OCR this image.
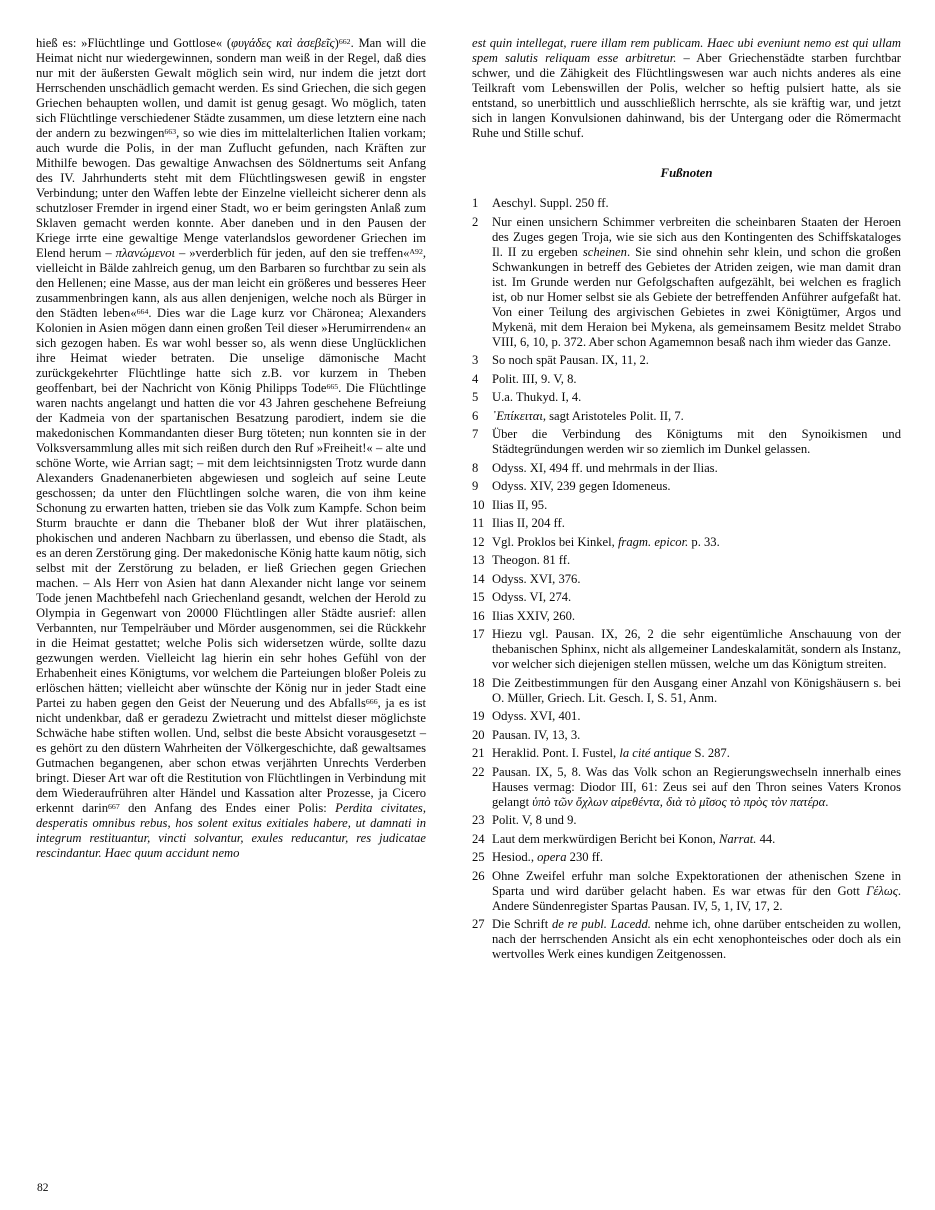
hieß es: »Flüchtlinge und Gottlose« (φυγάδες καὶ ἀσεβεῖς)$^{662}$. Man will die Heimat nicht nur wiedergewinnen, sondern man weiß in der Regel, daß dies nur mit der äußersten Gewalt möglich sein wird, nur indem die jetzt dort Herrschenden unschädlich gemacht werden. Es sind Griechen, die sich gegen Griechen behaupten wollen, und damit ist genug gesagt. Wo möglich, taten sich Flüchtlinge verschiedener Städte zusammen, um diese letztern eine nach der andern zu bezwingen$^{663}$, so wie dies im mittelalterlichen Italien vorkam; auch wurde die Polis, in der man Zuflucht gefunden, nach Kräften zur Mithilfe bewogen. Das gewaltige Anwachsen des Söldnertums seit Anfang des IV. Jahrhunderts steht mit dem Flüchtlingswesen gewiß in engster Verbindung; unter den Waffen lebte der Einzelne vielleicht sicherer denn als schutzloser Fremder in irgend einer Stadt, wo er beim geringsten Anlaß zum Sklaven gemacht werden konnte. Aber daneben und in den Pausen der Kriege irrte eine gewaltige Menge vaterlandslos gewordener Griechen im Elend herum – πλανώμενοι – »verderblich für jeden, auf den sie treffen«$^{A92}$, vielleicht in Bälde zahlreich genug, um den Barbaren so furchtbar zu sein als den Hellenen; eine Masse, aus der man leicht ein größeres und besseres Heer zusammenbringen kann, als aus allen denjenigen, welche noch als Bürger in den Städten leben«$^{664}$. Dies war die Lage kurz vor Chäronea; Alexanders Kolonien in Asien mögen dann einen großen Teil dieser »Herumirrenden« an sich gezogen haben. Es war wohl besser so, als wenn diese Unglücklichen ihre Heimat wieder betraten. Die unselige dämonische Macht zurückgekehrter Flüchtlinge hatte sich z.B. vor kurzem in Theben geoffenbart, bei der Nachricht von König Philipps Tode$^{665}$. Die Flüchtlinge waren nachts angelangt und hatten die vor 43 Jahren geschehene Befreiung der Kadmeia von der spartanischen Besatzung parodiert, indem sie die makedonischen Kommandanten dieser Burg töteten; nun konnten sie in der Volksversammlung alles mit sich reißen durch den Ruf »Freiheit!« – alte und schöne Worte, wie Arrian sagt; – mit dem leichtsinnigsten Trotz wurde dann Alexanders Gnadenanerbieten abgewiesen und sogleich auf seine Leute geschossen; da unter den Flüchtlingen solche waren, die von ihm keine Schonung zu erwarten hatten, trieben sie das Volk zum Kampfe. Schon beim Sturm brauchte er dann die Thebaner bloß der Wut ihrer platäischen, phokischen und anderen Nachbarn zu überlassen, und ebenso die Stadt, als es an deren Zerstörung ging. Der makedonische König hatte kaum nötig, sich selbst mit der Zerstörung zu beladen, er ließ Griechen gegen Griechen machen. – Als Herr von Asien hat dann Alexander nicht lange vor seinem Tode jenen Machtbefehl nach Griechenland gesandt, welchen der Herold zu Olympia in Gegenwart von 20000 Flüchtlingen aller Städte ausrief: allen Verbannten, nur Tempelräuber und Mörder ausgenommen, sei die Rückkehr in die Heimat gestattet; welche Polis sich widersetzen würde, sollte dazu gezwungen werden. Vielleicht lag hierin ein sehr hohes Gefühl von der Erhabenheit eines Königtums, vor welchem die Parteiungen bloßer Poleis zu erlöschen hätten; vielleicht aber wünschte der König nur in jeder Stadt eine Partei zu haben gegen den Geist der Neuerung und des Abfalls$^{666}$, ja es ist nicht undenkbar, daß er geradezu Zwietracht und mittelst dieser möglichste Schwäche habe stiften wollen. Und, selbst die beste Absicht vorausgesetzt – es gehört zu den düstern Wahrheiten der Völkergeschichte, daß gewaltsames Gutmachen begangenen, aber schon etwas verjährten Unrechts Verderben bringt. Dieser Art war oft die Restitution von Flüchtlingen in Verbindung mit dem Wiederaufrühren alter Händel und Kassation alter Prozesse, ja Cicero erkennt darin$^{667}$ den Anfang des Endes einer Polis: Perdita civitates, desperatis omnibus rebus, hos solent exitus exitiales habere, ut damnati in integrum restituantur, vincti solvantur, exules reducantur, res judicatae rescindantur. Haec quum accidunt nemo

est quin intellegat, ruere illam rem publicam. Haec ubi eveniunt nemo est qui ullam spem salutis reliquam esse arbitretur. – Aber Griechenstädte starben furchtbar schwer, und die Zähigkeit des Flüchtlingswesen war auch nichts anderes als eine Teilkraft vom Lebenswillen der Polis, welcher so heftig pulsiert hatte, als sie entstand, so unerbittlich und ausschließlich herrschte, als sie kräftig war, und jetzt sich in langen Konvulsionen dahinwand, bis der Untergang oder die Römermacht Ruhe und Stille schuf.

Fußnoten
1 Aeschyl. Suppl. 250 ff.
2 Nur einen unsichern Schimmer verbreiten die scheinbaren Staaten der Heroen des Zuges gegen Troja, wie sie sich aus den Kontingenten des Schiffskataloges Il. II zu ergeben scheinen. Sie sind ohnehin sehr klein, und schon die großen Schwankungen in betreff des Gebietes der Atriden zeigen, wie man damit dran ist. Im Grunde werden nur Gefolgschaften aufgezählt, bei welchen es fraglich ist, ob nur Homer selbst sie als Gebiete der betreffenden Anführer aufgefaßt hat. Von einer Teilung des argivischen Gebietes in zwei Königtümer, Argos und Mykenä, mit dem Heraion bei Mykena, als gemeinsamem Besitz meldet Strabo VIII, 6, 10, p. 372. Aber schon Agamemnon besaß nach ihm wieder das Ganze.
3 So noch spät Pausan. IX, 11, 2.
4 Polit. III, 9. V, 8.
5 U.a. Thukyd. I, 4.
6 ᾿Επίκειται, sagt Aristoteles Polit. II, 7.
7 Über die Verbindung des Königtums mit den Synoikismen und Städtegründungen werden wir so ziemlich im Dunkel gelassen.
8 Odyss. XI, 494 ff. und mehrmals in der Ilias.
9 Odyss. XIV, 239 gegen Idomeneus.
10 Ilias II, 95.
11 Ilias II, 204 ff.
12 Vgl. Proklos bei Kinkel, fragm. epicor. p. 33.
13 Theogon. 81 ff.
14 Odyss. XVI, 376.
15 Odyss. VI, 274.
16 Ilias XXIV, 260.
17 Hiezu vgl. Pausan. IX, 26, 2 die sehr eigentümliche Anschauung von der thebanischen Sphinx, nicht als allgemeiner Landeskalamität, sondern als Instanz, vor welcher sich diejenigen stellen müssen, welche um das Königtum streiten.
18 Die Zeitbestimmungen für den Ausgang einer Anzahl von Königshäusern s. bei O. Müller, Griech. Lit. Gesch. I, S. 51, Anm.
19 Odyss. XVI, 401.
20 Pausan. IV, 13, 3.
21 Heraklid. Pont. I. Fustel, la cité antique S. 287.
22 Pausan. IX, 5, 8. Was das Volk schon an Regierungswechseln innerhalb eines Hauses vermag: Diodor III, 61: Zeus sei auf den Thron seines Vaters Kronos gelangt ὑπὸ τῶν ὄχλων αἱρεθέντα, διὰ τὸ μῖσος τὸ πρὸς τὸν πατέρα.
23 Polit. V, 8 und 9.
24 Laut dem merkwürdigen Bericht bei Konon, Narrat. 44.
25 Hesiod., opera 230 ff.
26 Ohne Zweifel erfuhr man solche Expektorationen der athenischen Szene in Sparta und wird darüber gelacht haben. Es war etwas für den Gott Γέλως. Andere Sündenregister Spartas Pausan. IV, 5, 1, IV, 17, 2.
27 Die Schrift de re publ. Lacedd. nehme ich, ohne darüber entscheiden zu wollen, nach der herrschenden Ansicht als ein echt xenophonteisches oder doch als ein wertvolles Werk eines kundigen Zeitgenossen.
82
